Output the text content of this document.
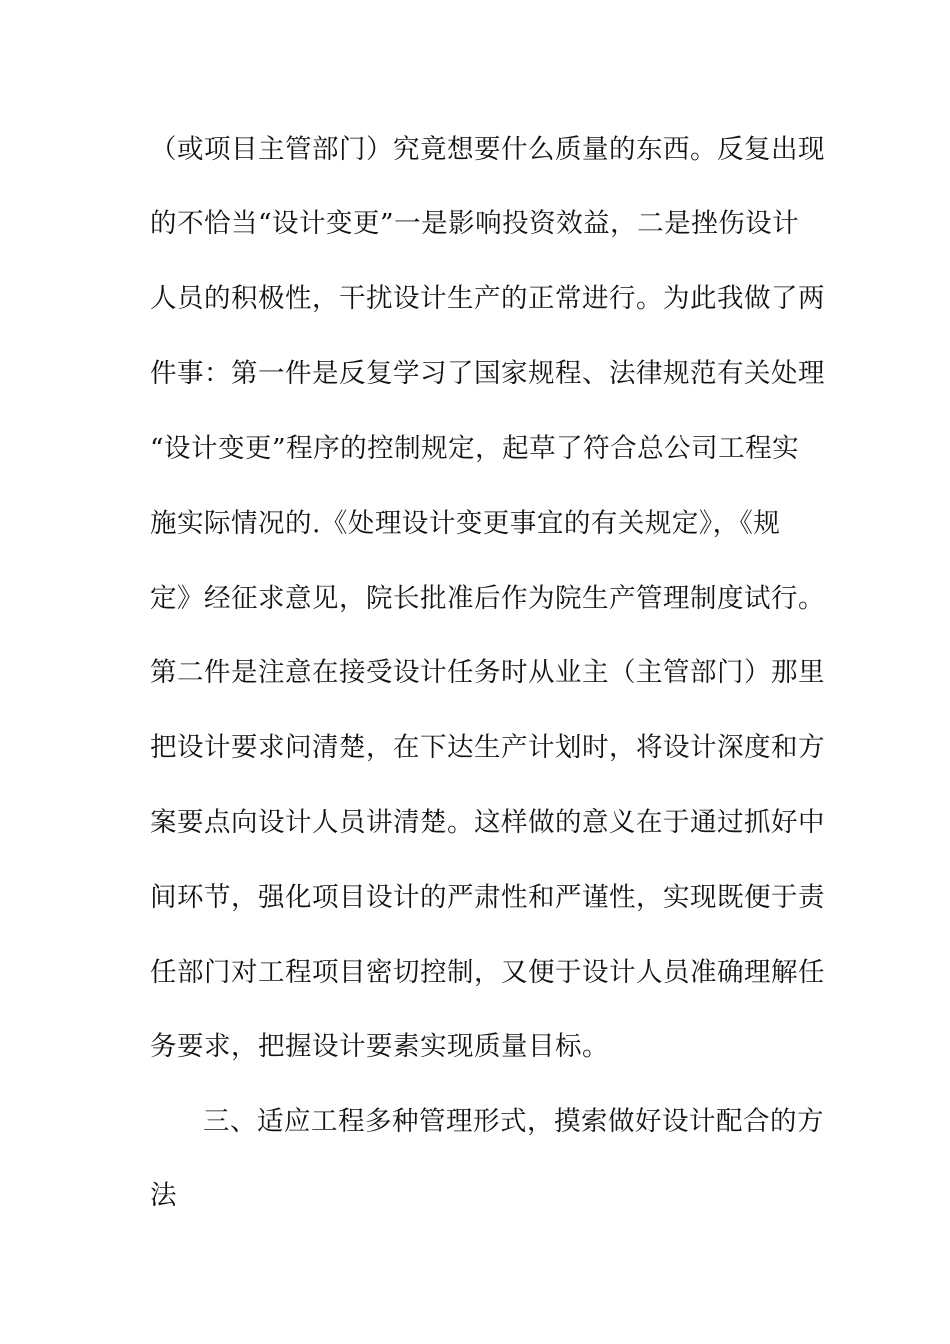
（或项目主管部门）究竟想要什么质量的东西。反复出现
的不恰当“设计变更”一是影响投资效益，二是挫伤设计
人员的积极性，干扰设计生产的正常进行。为此我做了两
件事：第一件是反复学习了国家规程、法律规范有关处理
“设计变更”程序的控制规定，起草了符合总公司工程实
施实际情况的.《处理设计变更事宜的有关规定》，《规
定》经征求意见，院长批准后作为院生产管理制度试行。
第二件是注意在接受设计任务时从业主（主管部门）那里
把设计要求问清楚，在下达生产计划时，将设计深度和方
案要点向设计人员讲清楚。这样做的意义在于通过抓好中
间环节，强化项目设计的严肃性和严谨性，实现既便于责
任部门对工程项目密切控制，又便于设计人员准确理解任
务要求，把握设计要素实现质量目标。
三、适应工程多种管理形式，摸索做好设计配合的方
法
